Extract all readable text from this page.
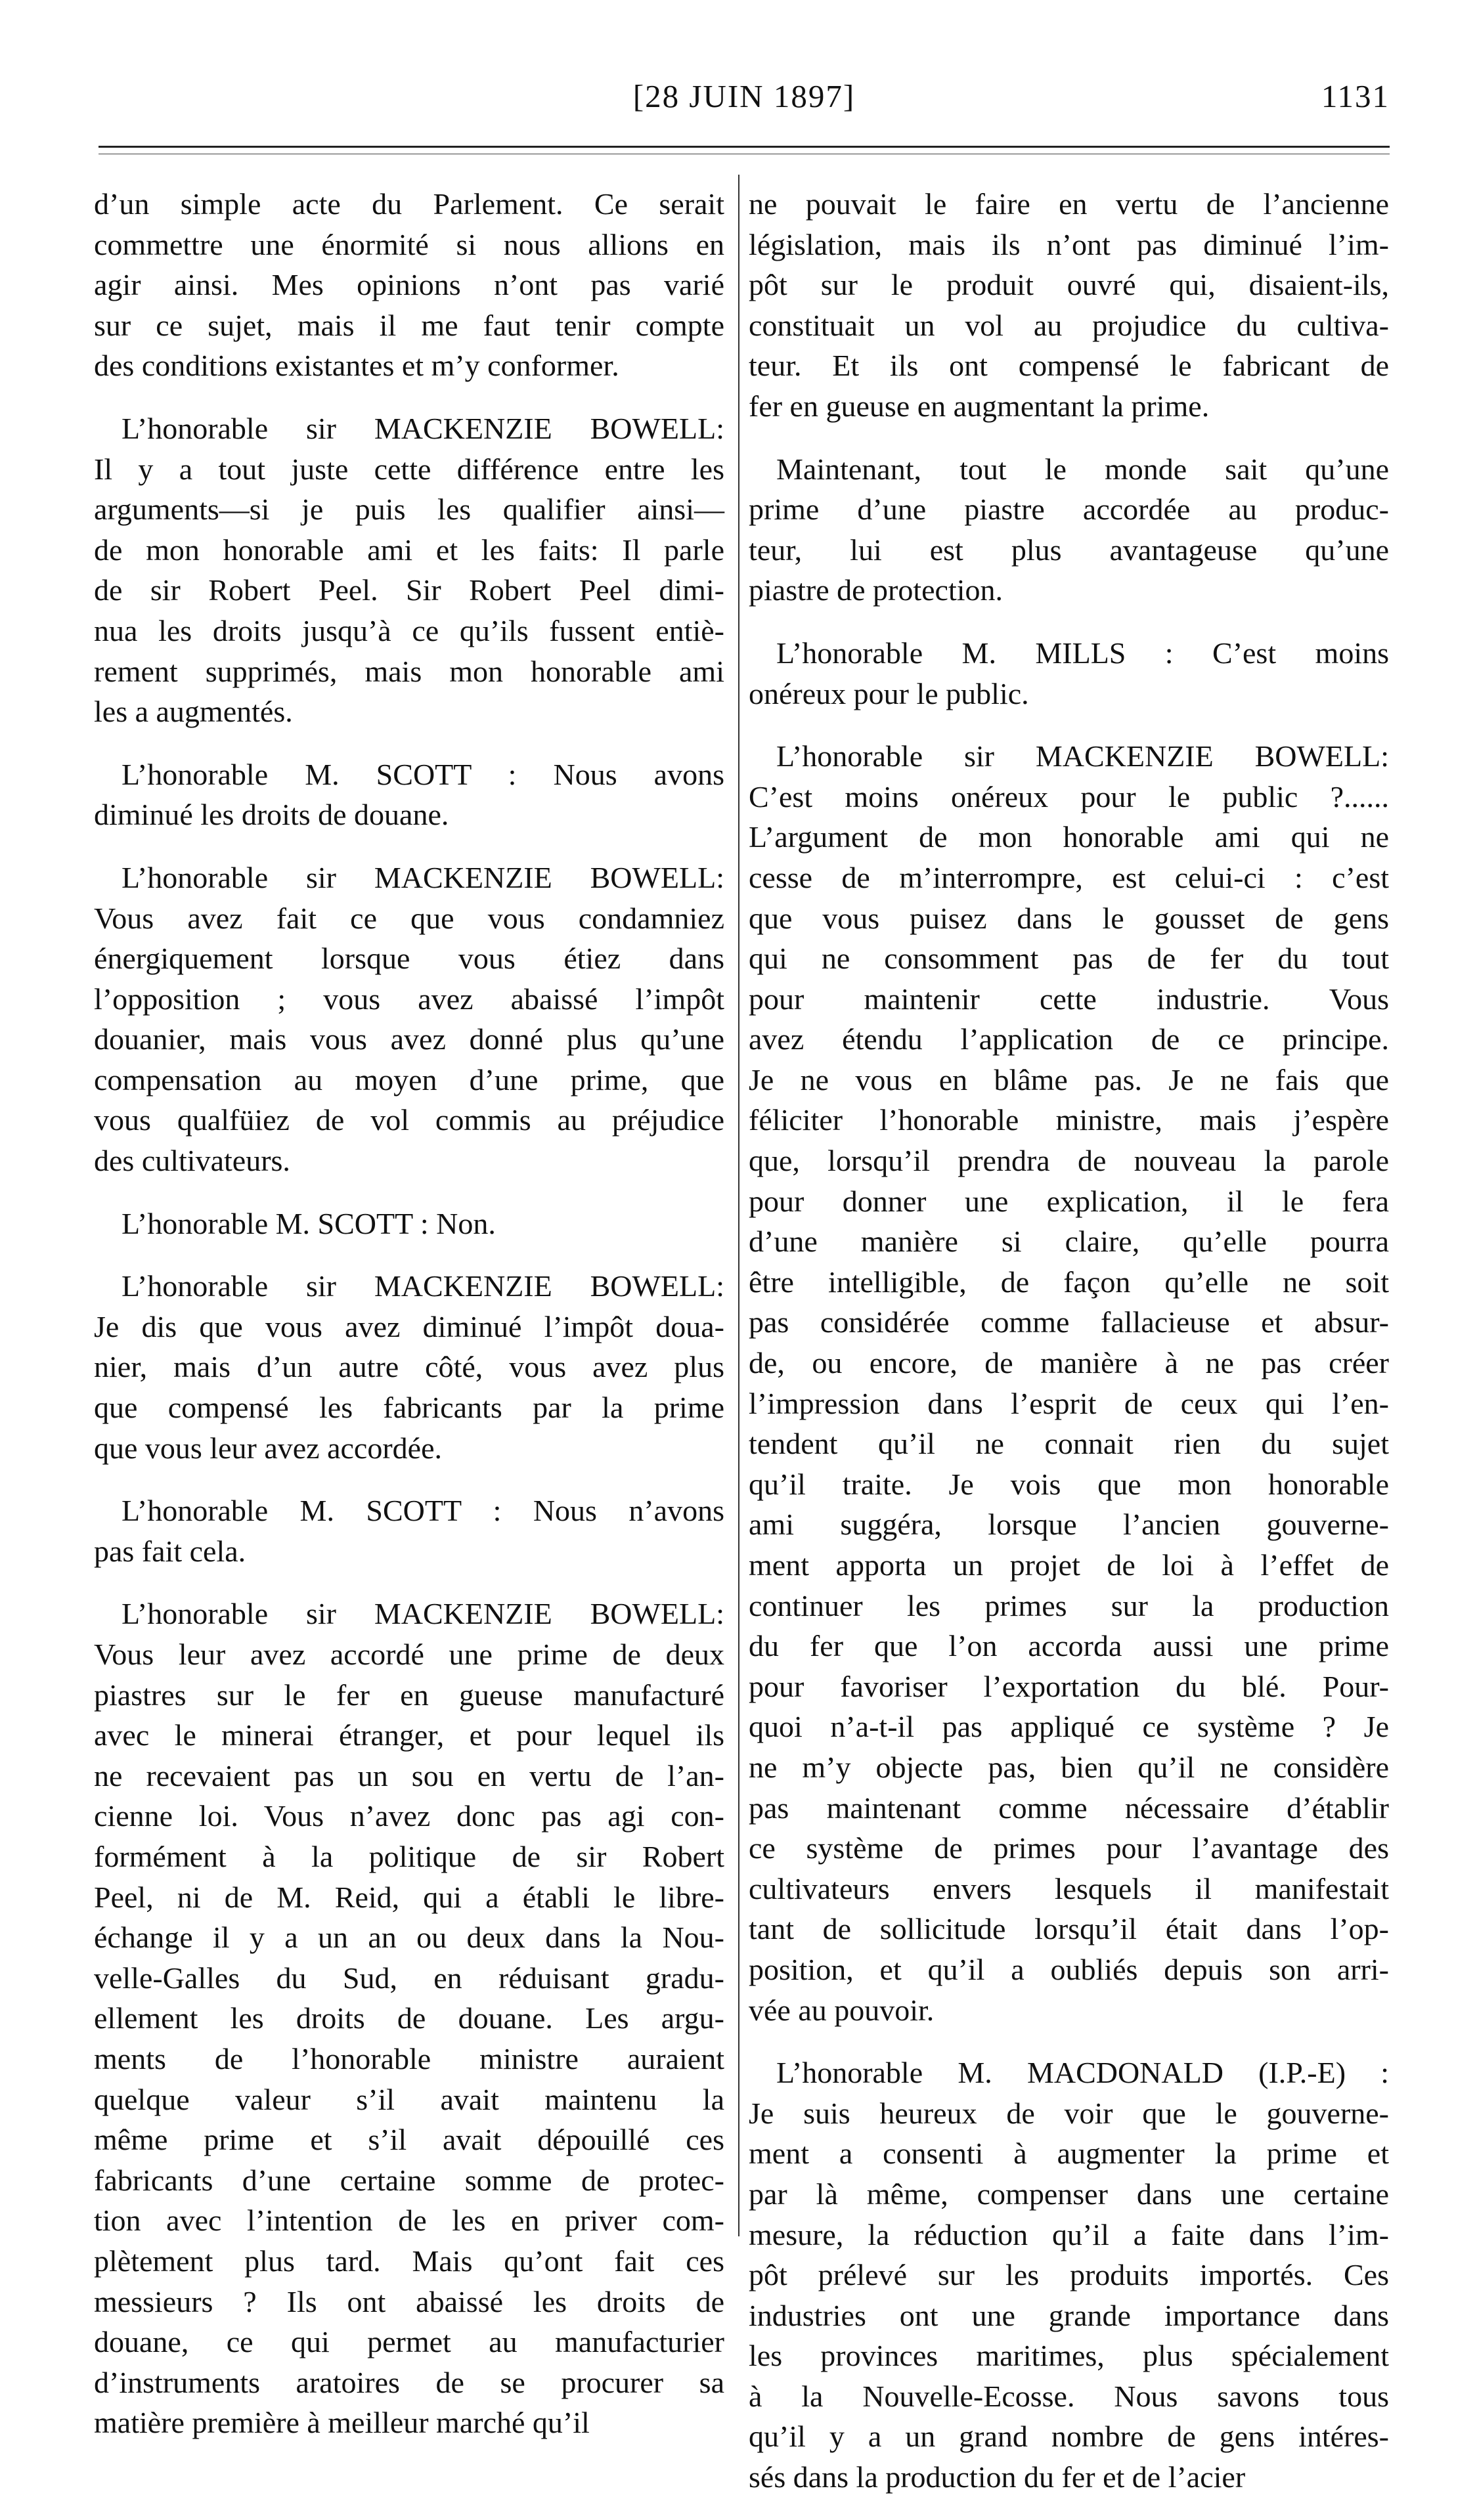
[28 JUIN 1897]	1131
d’un simple acte du Parlement. Ce serait
commettre une énormité si nous allions en
agir ainsi. Mes opinions n’ont pas varié
sur ce sujet, mais il me faut tenir compte
des conditions existantes et m’y conformer.
L’honorable sir MACKENZIE BOWELL:
Il y a tout juste cette différence entre les
arguments—si je puis les qualifier ainsi—
de mon honorable ami et les faits: Il parle
de sir Robert Peel. Sir Robert Peel dimi-
nua les droits jusqu’à ce qu’ils fussent entiè-
rement supprimés, mais mon honorable ami
les a augmentés.
L’honorable M. SCOTT : Nous avons
diminué les droits de douane.
L’honorable sir MACKENZIE BOWELL:
Vous avez fait ce que vous condamniez
énergiquement lorsque vous étiez dans
l’opposition ; vous avez abaissé l’impôt
douanier, mais vous avez donné plus qu’une
compensation au moyen d’une prime, que
vous qualfüiez de vol commis au préjudice
des cultivateurs.
L’honorable M. SCOTT : Non.
L’honorable sir MACKENZIE BOWELL:
Je dis que vous avez diminué l’impôt doua-
nier, mais d’un autre côté, vous avez plus
que compensé les fabricants par la prime
que vous leur avez accordée.
L’honorable M. SCOTT : Nous n’avons
pas fait cela.
L’honorable sir MACKENZIE BOWELL:
Vous leur avez accordé une prime de deux
piastres sur le fer en gueuse manufacturé
avec le minerai étranger, et pour lequel ils
ne recevaient pas un sou en vertu de l’an-
cienne loi. Vous n’avez donc pas agi con-
formément à la politique de sir Robert
Peel, ni de M. Reid, qui a établi le libre-
échange il y a un an ou deux dans la Nou-
velle-Galles du Sud, en réduisant gradu-
ellement les droits de douane. Les argu-
ments de l’honorable ministre auraient
quelque valeur s’il avait maintenu la
même prime et s’il avait dépouillé ces
fabricants d’une certaine somme de protec-
tion avec l’intention de les en priver com-
plètement plus tard. Mais qu’ont fait ces
messieurs ? Ils ont abaissé les droits de
douane, ce qui permet au manufacturier
d’instruments aratoires de se procurer sa
matière première à meilleur marché qu’il
ne pouvait le faire en vertu de l’ancienne
législation, mais ils n’ont pas diminué l’im-
pôt sur le produit ouvré qui, disaient-ils,
constituait un vol au projudice du cultiva-
teur. Et ils ont compensé le fabricant de
fer en gueuse en augmentant la prime.
Maintenant, tout le monde sait qu’une
prime d’une piastre accordée au produc-
teur, lui est plus avantageuse qu’une
piastre de protection.
L’honorable M. MILLS : C’est moins
onéreux pour le public.
L’honorable sir MACKENZIE BOWELL:
C’est moins onéreux pour le public ?......
L’argument de mon honorable ami qui ne
cesse de m’interrompre, est celui-ci : c’est
que vous puisez dans le gousset de gens
qui ne consomment pas de fer du tout
pour maintenir cette industrie. Vous
avez étendu l’application de ce principe.
Je ne vous en blâme pas. Je ne fais que
féliciter l’honorable ministre, mais j’espère
que, lorsqu’il prendra de nouveau la parole
pour donner une explication, il le fera
d’une manière si claire, qu’elle pourra
être intelligible, de façon qu’elle ne soit
pas considérée comme fallacieuse et absur-
de, ou encore, de manière à ne pas créer
l’impression dans l’esprit de ceux qui l’en-
tendent qu’il ne connait rien du sujet
qu’il traite. Je vois que mon honorable
ami suggéra, lorsque l’ancien gouverne-
ment apporta un projet de loi à l’effet de
continuer les primes sur la production
du fer que l’on accorda aussi une prime
pour favoriser l’exportation du blé. Pour-
quoi n’a-t-il pas appliqué ce système ? Je
ne m’y objecte pas, bien qu’il ne considère
pas maintenant comme nécessaire d’établir
ce système de primes pour l’avantage des
cultivateurs envers lesquels il manifestait
tant de sollicitude lorsqu’il était dans l’op-
position, et qu’il a oubliés depuis son arri-
vée au pouvoir.
L’honorable M. MACDONALD (I.P.-E) :
Je suis heureux de voir que le gouverne-
ment a consenti à augmenter la prime et
par là même, compenser dans une certaine
mesure, la réduction qu’il a faite dans l’im-
pôt prélevé sur les produits importés. Ces
industries ont une grande importance dans
les provinces maritimes, plus spécialement
à la Nouvelle-Ecosse. Nous savons tous
qu’il y a un grand nombre de gens intéres-
sés dans la production du fer et de l’acier
